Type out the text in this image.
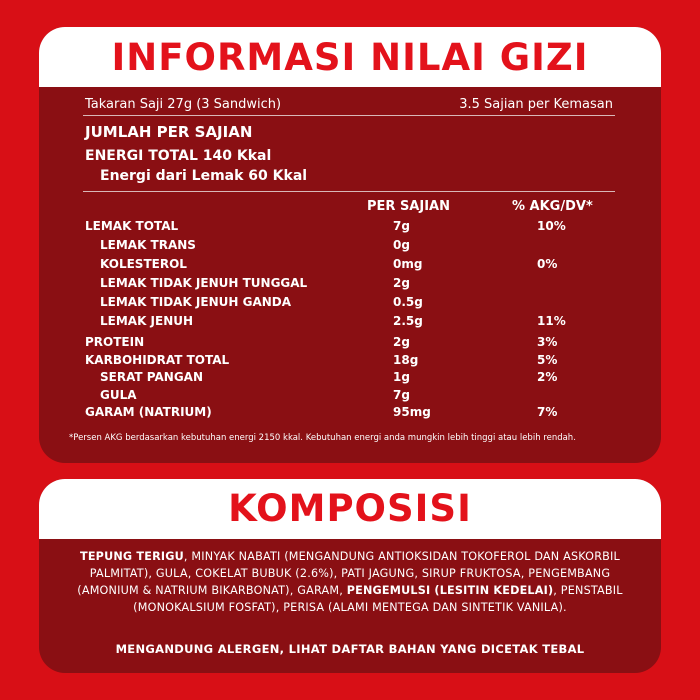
INFORMASI NILAI GIZI
Takaran Saji 27g (3 Sandwich)	3.5 Sajian per Kemasan
JUMLAH PER SAJIAN
ENERGI TOTAL 140 Kkal
Energi dari Lemak 60 Kkal
PER SAJIAN	% AKG/DV*
LEMAK TOTAL	7g	10%
LEMAK TRANS	0g
KOLESTEROL	0mg	0%
LEMAK TIDAK JENUH TUNGGAL	2g
LEMAK TIDAK JENUH GANDA	0.5g
LEMAK JENUH	2.5g	11%
PROTEIN	2g	3%
KARBOHIDRAT TOTAL	18g	5%
SERAT PANGAN	1g	2%
GULA	7g
GARAM (NATRIUM)	95mg	7%
*Persen AKG berdasarkan kebutuhan energi 2150 kkal. Kebutuhan energi anda mungkin lebih tinggi atau lebih rendah.
KOMPOSISI
TEPUNG TERIGU, MINYAK NABATI (MENGANDUNG ANTIOKSIDAN TOKOFEROL DAN ASKORBIL PALMITAT), GULA, COKELAT BUBUK (2.6%), PATI JAGUNG, SIRUP FRUKTOSA, PENGEMBANG (AMONIUM & NATRIUM BIKARBONAT), GARAM, PENGEMULSI (LESITIN KEDELAI), PENSTABIL (MONOKALSIUM FOSFAT), PERISA (ALAMI MENTEGA DAN SINTETIK VANILA).
MENGANDUNG ALERGEN, LIHAT DAFTAR BAHAN YANG DICETAK TEBAL
